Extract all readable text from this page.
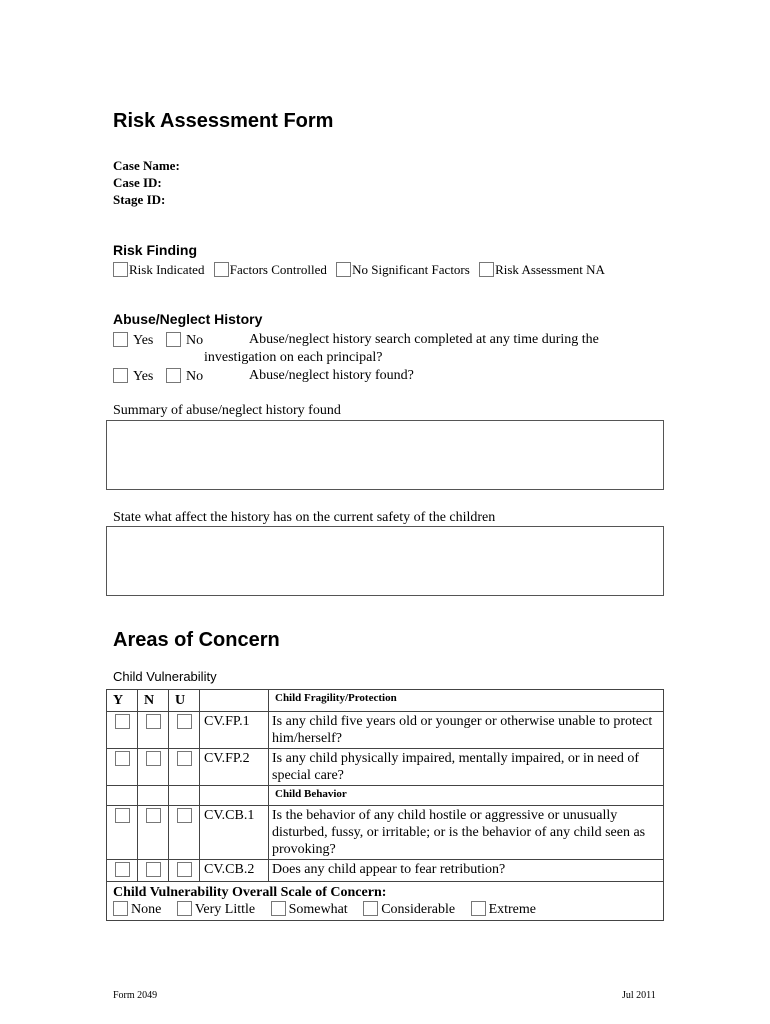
Risk Assessment Form
Case Name:
Case ID:
Stage ID:
Risk Finding
Risk Indicated Factors Controlled No Significant Factors Risk Assessment NA
Abuse/Neglect History
Yes	No	Abuse/neglect history search completed at any time during the
investigation on each principal?
Yes	No	Abuse/neglect history found?
Summary of abuse/neglect history found
State what affect the history has on the current safety of the children
Areas of Concern
Child Vulnerability
Y	N	U		Child Fragility/Protection
			CV.FP.1	Is any child five years old or younger or otherwise unable to protect him/herself?
			CV.FP.2	Is any child physically impaired, mentally impaired, or in need of special care?
				Child Behavior
			CV.CB.1	Is the behavior of any child hostile or aggressive or unusually disturbed, fussy, or irritable; or is the behavior of any child seen as provoking?
			CV.CB.2	Does any child appear to fear retribution?

Child Vulnerability Overall Scale of Concern:
None Very Little Somewhat Considerable Extreme				
Form 2049	Jul 2011
